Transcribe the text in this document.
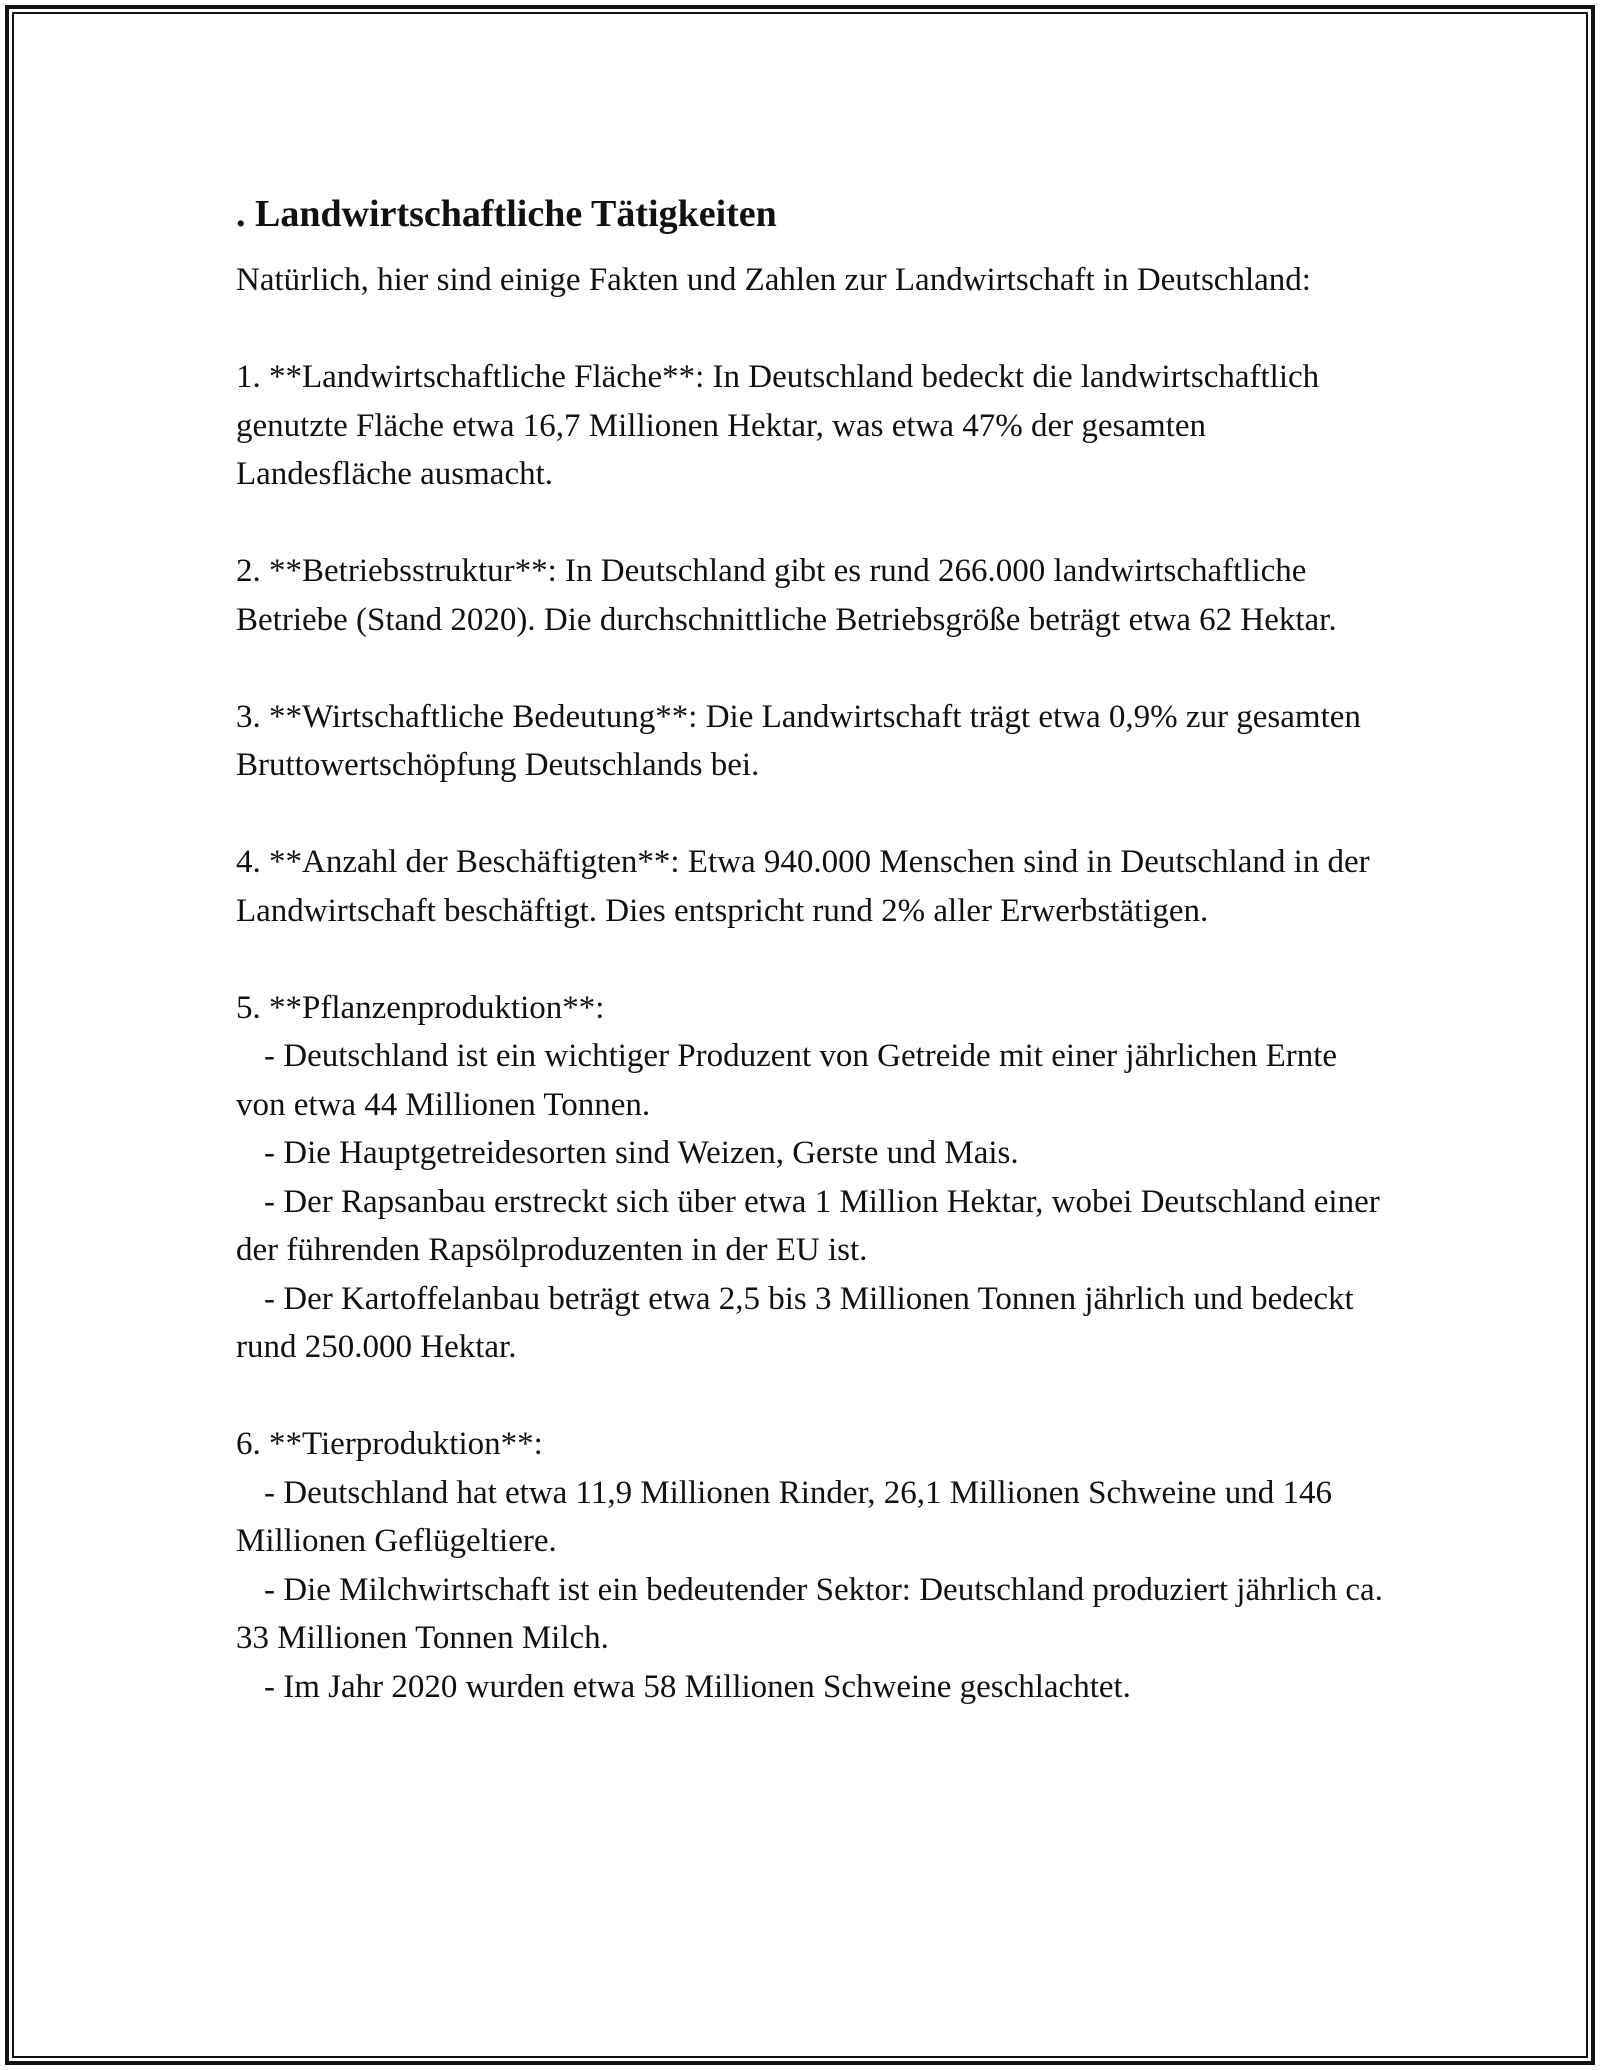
. Landwirtschaftliche Tätigkeiten

Natürlich, hier sind einige Fakten und Zahlen zur Landwirtschaft in Deutschland:

1. **Landwirtschaftliche Fläche**: In Deutschland bedeckt die landwirtschaftlich genutzte Fläche etwa 16,7 Millionen Hektar, was etwa 47% der gesamten Landesfläche ausmacht.

2. **Betriebsstruktur**: In Deutschland gibt es rund 266.000 landwirtschaftliche Betriebe (Stand 2020). Die durchschnittliche Betriebsgröße beträgt etwa 62 Hektar.

3. **Wirtschaftliche Bedeutung**: Die Landwirtschaft trägt etwa 0,9% zur gesamten Bruttowertschöpfung Deutschlands bei.

4. **Anzahl der Beschäftigten**: Etwa 940.000 Menschen sind in Deutschland in der Landwirtschaft beschäftigt. Dies entspricht rund 2% aller Erwerbstätigen.

5. **Pflanzenproduktion**:

- Deutschland ist ein wichtiger Produzent von Getreide mit einer jährlichen Ernte von etwa 44 Millionen Tonnen.

- Die Hauptgetreidesorten sind Weizen, Gerste und Mais.

- Der Rapsanbau erstreckt sich über etwa 1 Million Hektar, wobei Deutschland einer der führenden Rapsölproduzenten in der EU ist.

- Der Kartoffelanbau beträgt etwa 2,5 bis 3 Millionen Tonnen jährlich und bedeckt rund 250.000 Hektar.

6. **Tierproduktion**:

- Deutschland hat etwa 11,9 Millionen Rinder, 26,1 Millionen Schweine und 146 Millionen Geflügeltiere.

- Die Milchwirtschaft ist ein bedeutender Sektor: Deutschland produziert jährlich ca. 33 Millionen Tonnen Milch.

- Im Jahr 2020 wurden etwa 58 Millionen Schweine geschlachtet.
